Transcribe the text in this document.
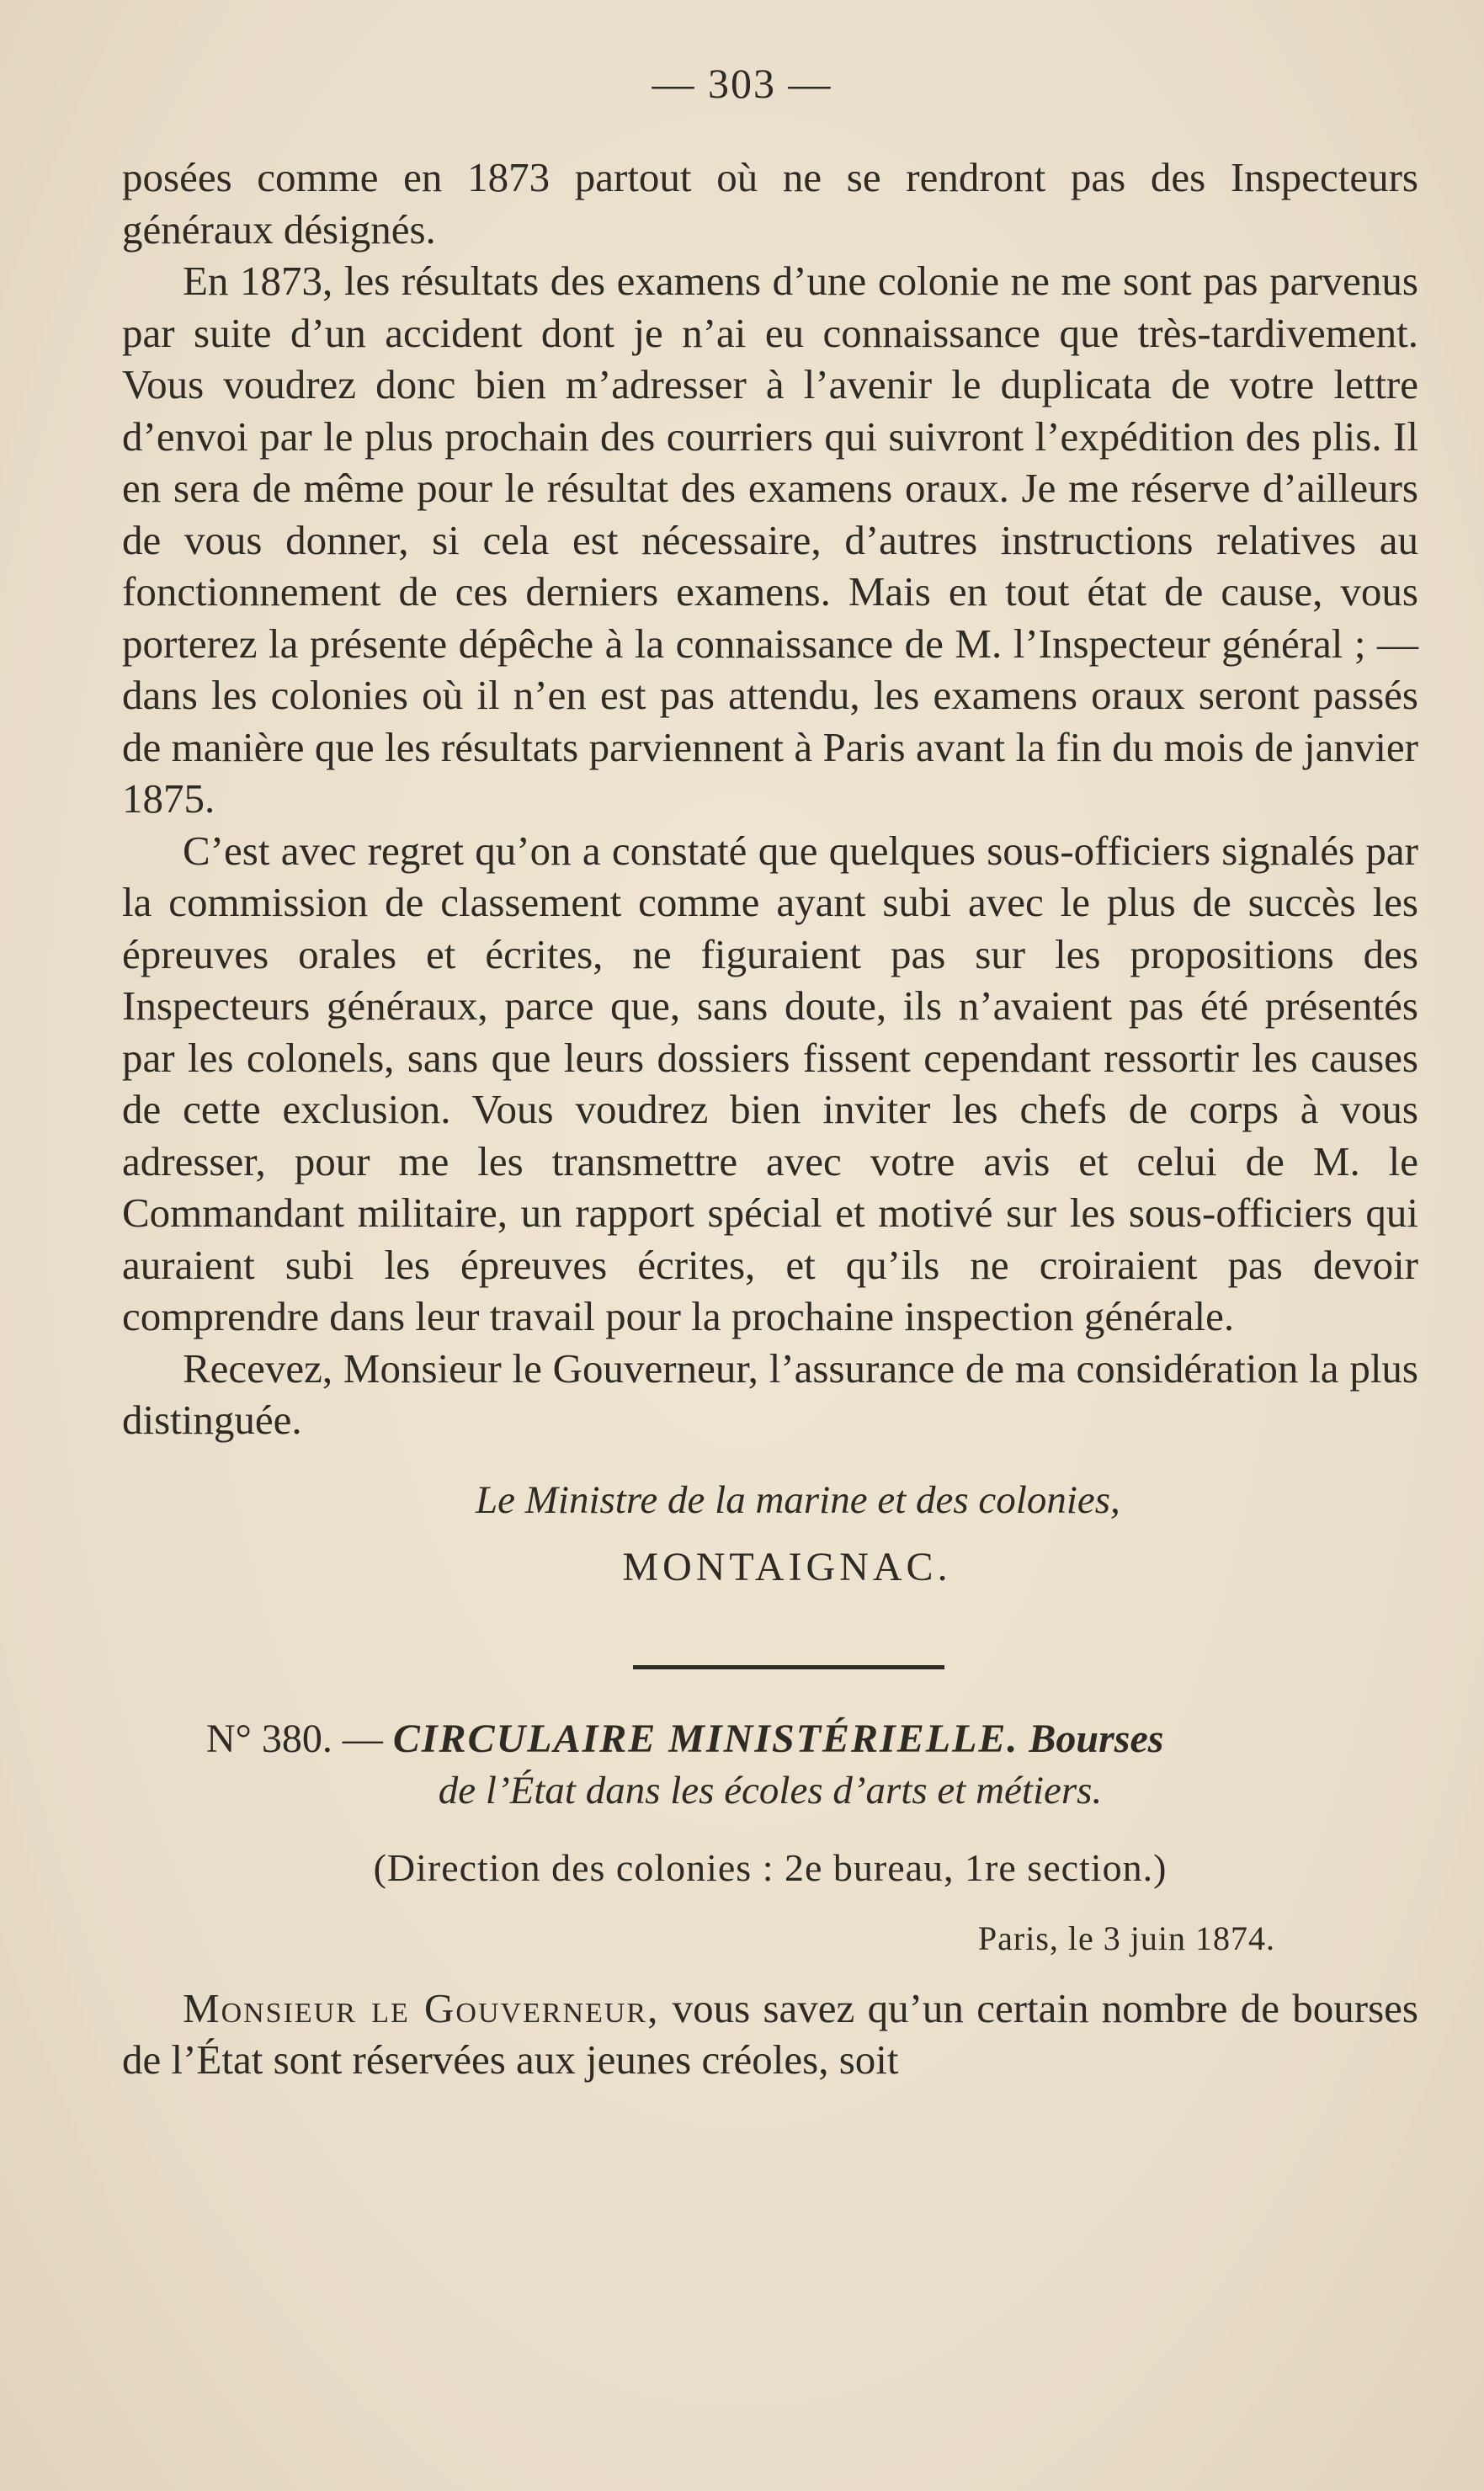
— 303 —

posées comme en 1873 partout où ne se rendront pas des Inspecteurs généraux désignés.

En 1873, les résultats des examens d’une colonie ne me sont pas parvenus par suite d’un accident dont je n’ai eu connaissance que très-tardivement. Vous voudrez donc bien m’adresser à l’avenir le duplicata de votre lettre d’envoi par le plus prochain des courriers qui suivront l’expédition des plis. Il en sera de même pour le résultat des examens oraux. Je me réserve d’ailleurs de vous donner, si cela est nécessaire, d’autres instructions relatives au fonctionnement de ces derniers examens. Mais en tout état de cause, vous porterez la présente dépêche à la connaissance de M. l’Inspecteur général ; — dans les colonies où il n’en est pas attendu, les examens oraux seront passés de manière que les résultats parviennent à Paris avant la fin du mois de janvier 1875.

C’est avec regret qu’on a constaté que quelques sous-officiers signalés par la commission de classement comme ayant subi avec le plus de succès les épreuves orales et écrites, ne figuraient pas sur les propositions des Inspecteurs généraux, parce que, sans doute, ils n’avaient pas été présentés par les colonels, sans que leurs dossiers fissent cependant ressortir les causes de cette exclusion. Vous voudrez bien inviter les chefs de corps à vous adresser, pour me les transmettre avec votre avis et celui de M. le Commandant militaire, un rapport spécial et motivé sur les sous-officiers qui auraient subi les épreuves écrites, et qu’ils ne croiraient pas devoir comprendre dans leur travail pour la prochaine inspection générale.

Recevez, Monsieur le Gouverneur, l’assurance de ma considération la plus distinguée.

Le Ministre de la marine et des colonies,
MONTAIGNAC.
N° 380. — CIRCULAIRE MINISTÉRIELLE. Bourses
de l’État dans les écoles d’arts et métiers.
(Direction des colonies : 2e bureau, 1re section.)
Paris, le 3 juin 1874.

Monsieur le Gouverneur, vous savez qu’un certain nombre de bourses de l’État sont réservées aux jeunes créoles, soit
